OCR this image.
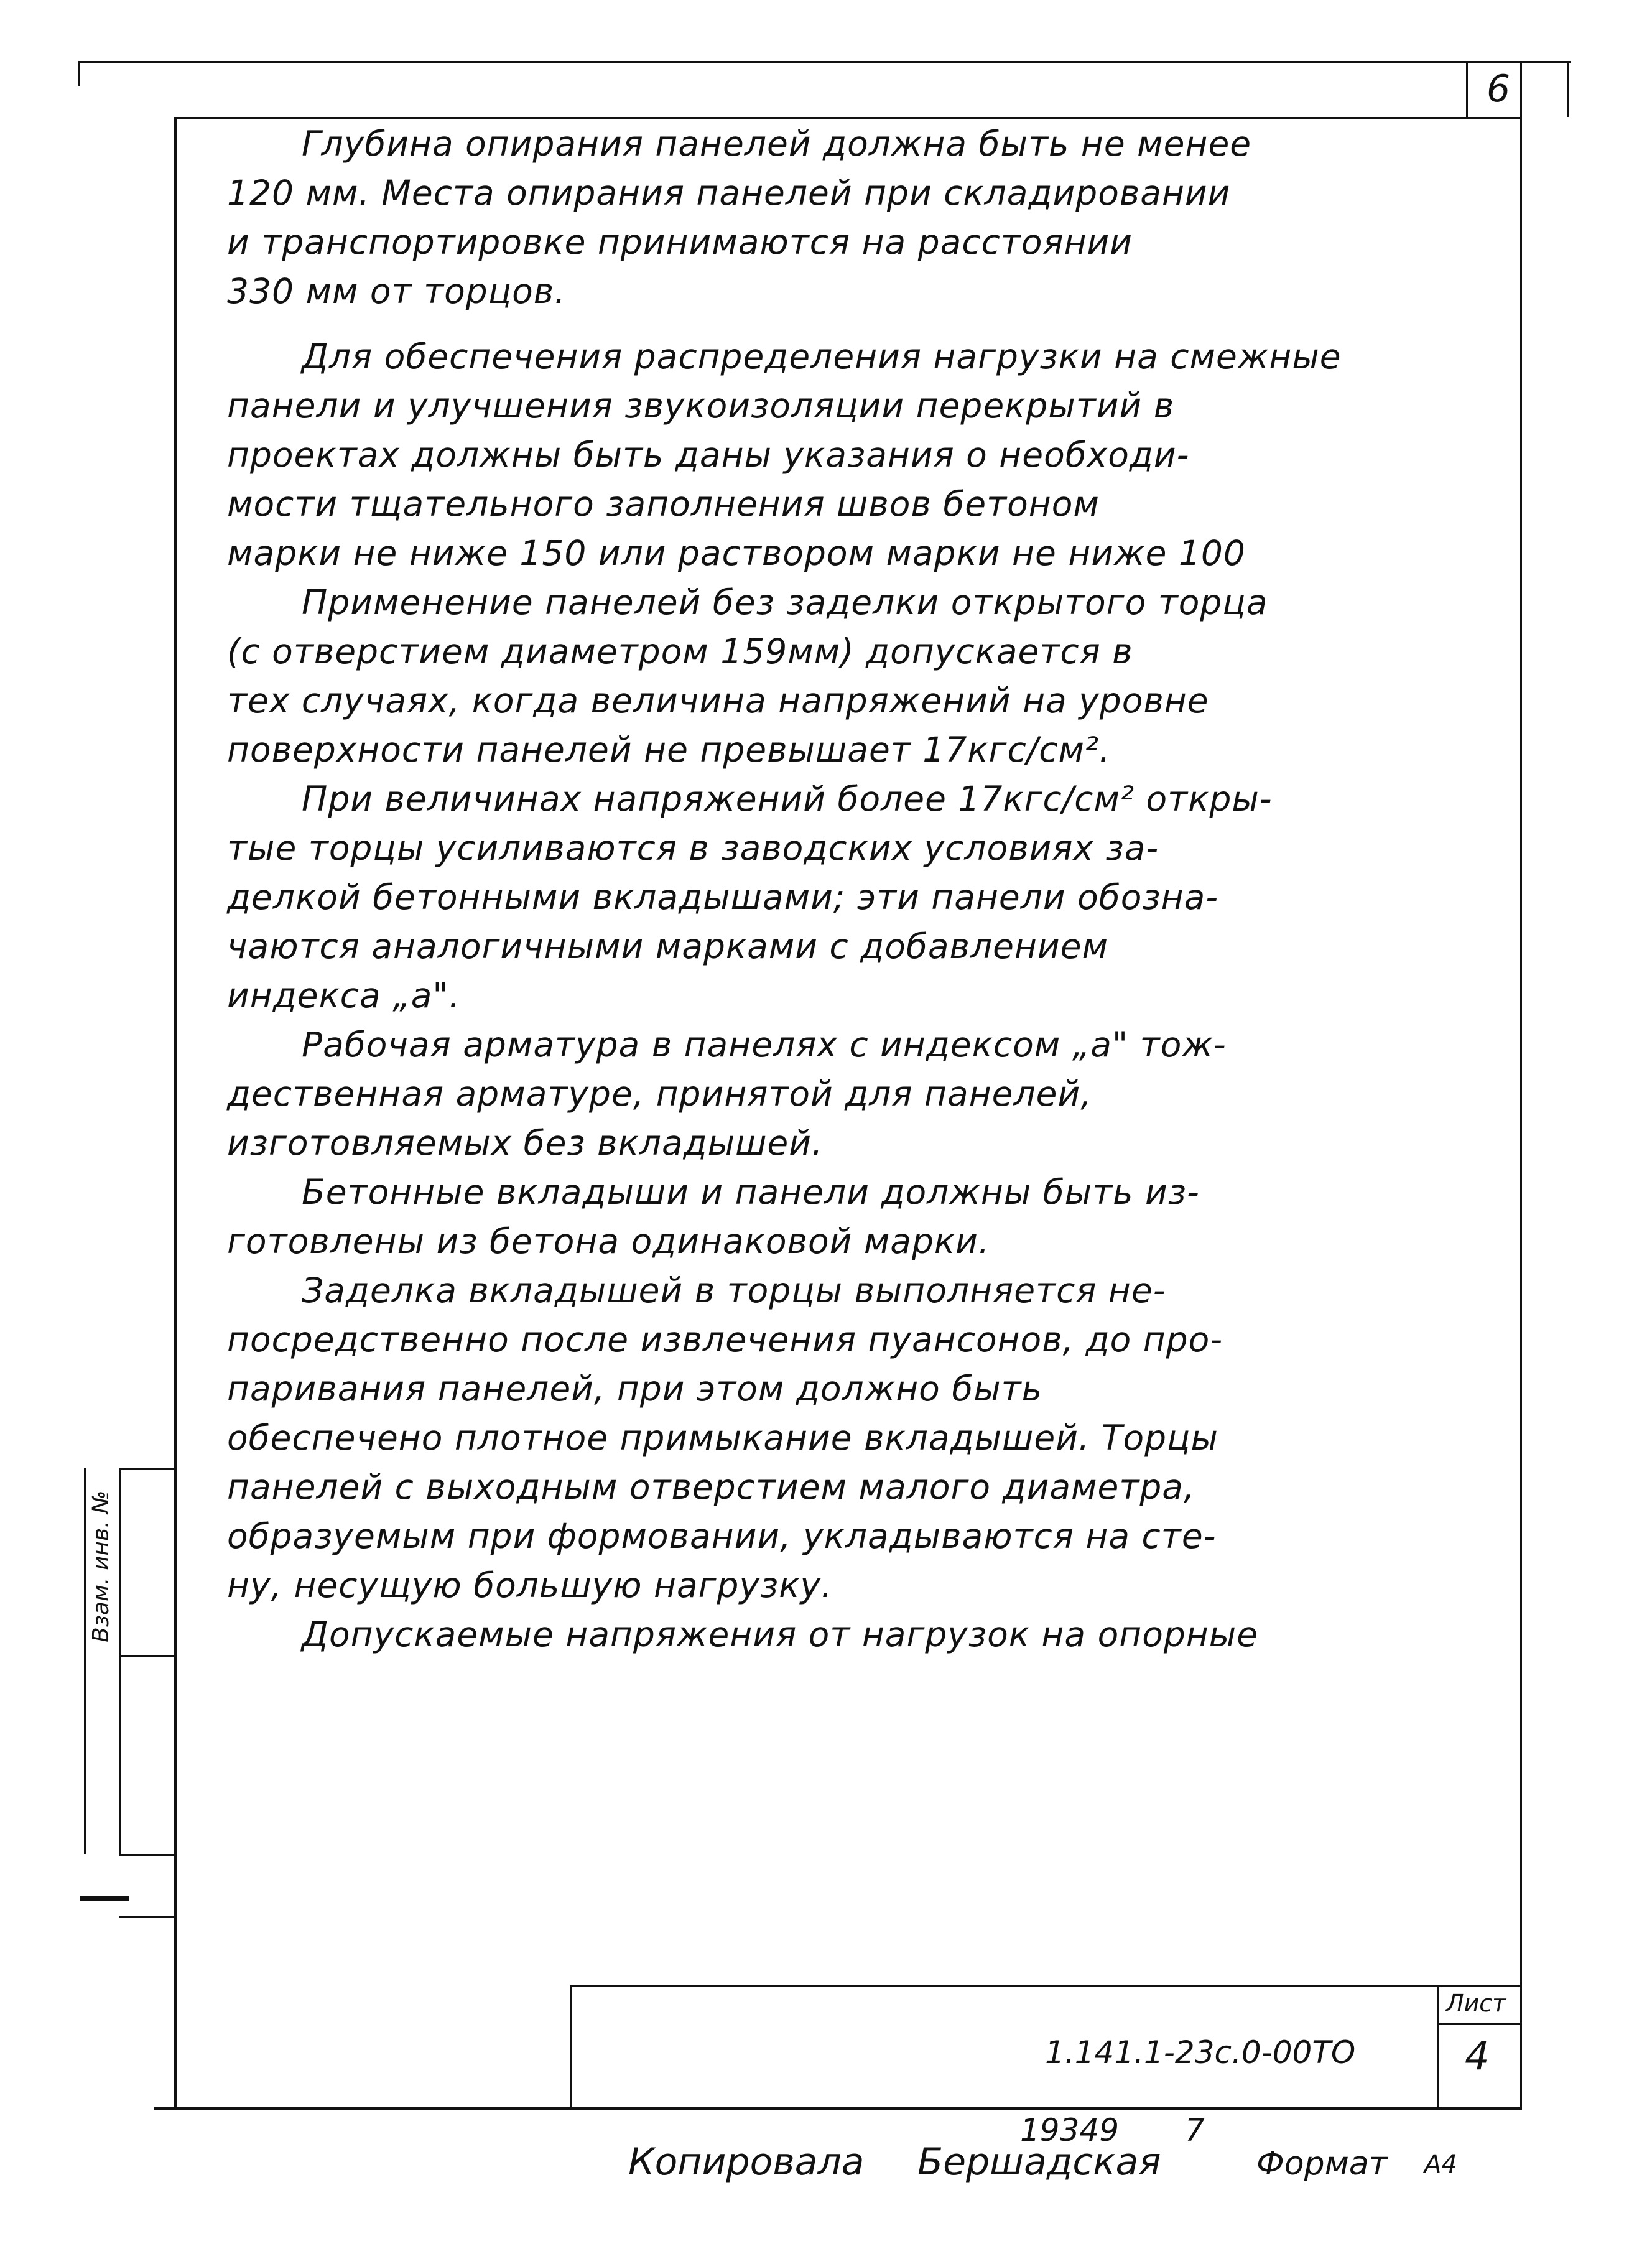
6
Взам. инв. №
Глубина опирания панелей должна быть не менее
120 мм. Места опирания панелей при складировании
и транспортировке принимаются на расстоянии
330 мм от торцов.
Для обеспечения распределения нагрузки на смежные
панели и улучшения звукоизоляции перекрытий в
проектах должны быть даны указания о необходи-
мости тщательного заполнения швов бетоном
марки не ниже 150 или раствором марки не ниже 100
Применение панелей без заделки открытого торца
(с отверстием диаметром 159мм) допускается в
тех случаях, когда величина напряжений на уровне
поверхности панелей не превышает 17кгс/см².
При величинах напряжений более 17кгс/см² откры-
тые торцы усиливаются в заводских условиях за-
делкой бетонными вкладышами; эти панели обозна-
чаются аналогичными марками с добавлением
индекса „а".
Рабочая арматура в панелях с индексом „а" тож-
дественная арматуре, принятой для панелей,
изготовляемых без вкладышей.
Бетонные вкладыши и панели должны быть из-
готовлены из бетона одинаковой марки.
Заделка вкладышей в торцы выполняется не-
посредственно после извлечения пуансонов, до про-
паривания панелей, при этом должно быть
обеспечено плотное примыкание вкладышей. Торцы
панелей с выходным отверстием малого диаметра,
образуемым при формовании, укладываются на сте-
ну, несущую большую нагрузку.
Допускаемые напряжения от нагрузок на опорные
1.141.1-23с.0-00ТО
Лист
4
19349 7
Копировала Бершадская	Формат А4
